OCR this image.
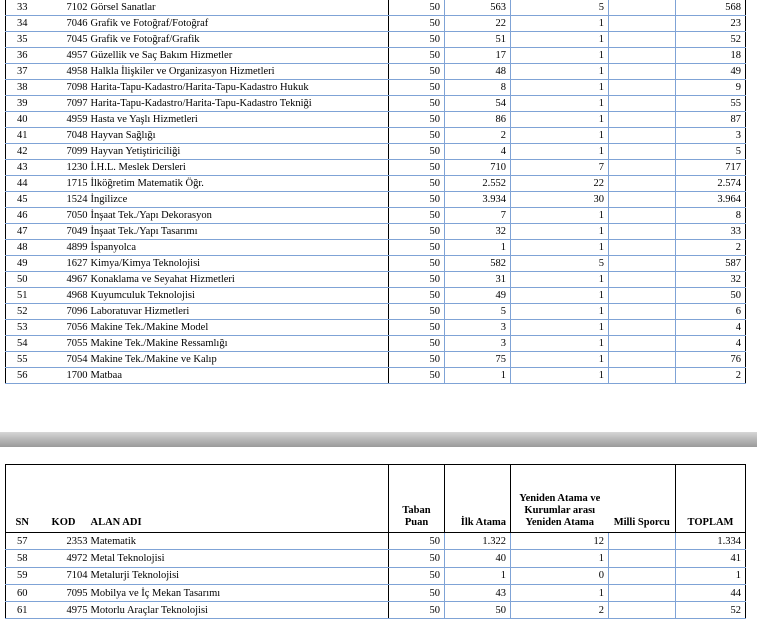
33	7102	Görsel Sanatlar	50	563	5		568
34	7046	Grafik ve Fotoğraf/Fotoğraf	50	22	1		23
35	7045	Grafik ve Fotoğraf/Grafik	50	51	1		52
36	4957	Güzellik ve Saç Bakım Hizmetler	50	17	1		18
37	4958	Halkla İlişkiler ve Organizasyon Hizmetleri	50	48	1		49
38	7098	Harita-Tapu-Kadastro/Harita-Tapu-Kadastro Hukuk	50	8	1		9
39	7097	Harita-Tapu-Kadastro/Harita-Tapu-Kadastro Tekniği	50	54	1		55
40	4959	Hasta ve Yaşlı Hizmetleri	50	86	1		87
41	7048	Hayvan Sağlığı	50	2	1		3
42	7099	Hayvan Yetiştiriciliği	50	4	1		5
43	1230	İ.H.L. Meslek Dersleri	50	710	7		717
44	1715	İlköğretim Matematik Öğr.	50	2.552	22		2.574
45	1524	İngilizce	50	3.934	30		3.964
46	7050	İnşaat Tek./Yapı Dekorasyon	50	7	1		8
47	7049	İnşaat Tek./Yapı Tasarımı	50	32	1		33
48	4899	İspanyolca	50	1	1		2
49	1627	Kimya/Kimya Teknolojisi	50	582	5		587
50	4967	Konaklama ve Seyahat Hizmetleri	50	31	1		32
51	4968	Kuyumculuk Teknolojisi	50	49	1		50
52	7096	Laboratuvar Hizmetleri	50	5	1		6
53	7056	Makine Tek./Makine Model	50	3	1		4
54	7055	Makine Tek./Makine Ressamlığı	50	3	1		4
55	7054	Makine Tek./Makine ve Kalıp	50	75	1		76
56	1700	Matbaa	50	1	1		2
SN	KOD	ALAN ADI	Taban Puan	İlk Atama	Yeniden Atama ve Kurumlar arası Yeniden Atama	Milli Sporcu	TOPLAM
57	2353	Matematik	50	1.322	12		1.334
58	4972	Metal Teknolojisi	50	40	1		41
59	7104	Metalurji Teknolojisi	50	1	0		1
60	7095	Mobilya ve İç Mekan Tasarımı	50	43	1		44
61	4975	Motorlu Araçlar Teknolojisi	50	50	2		52
